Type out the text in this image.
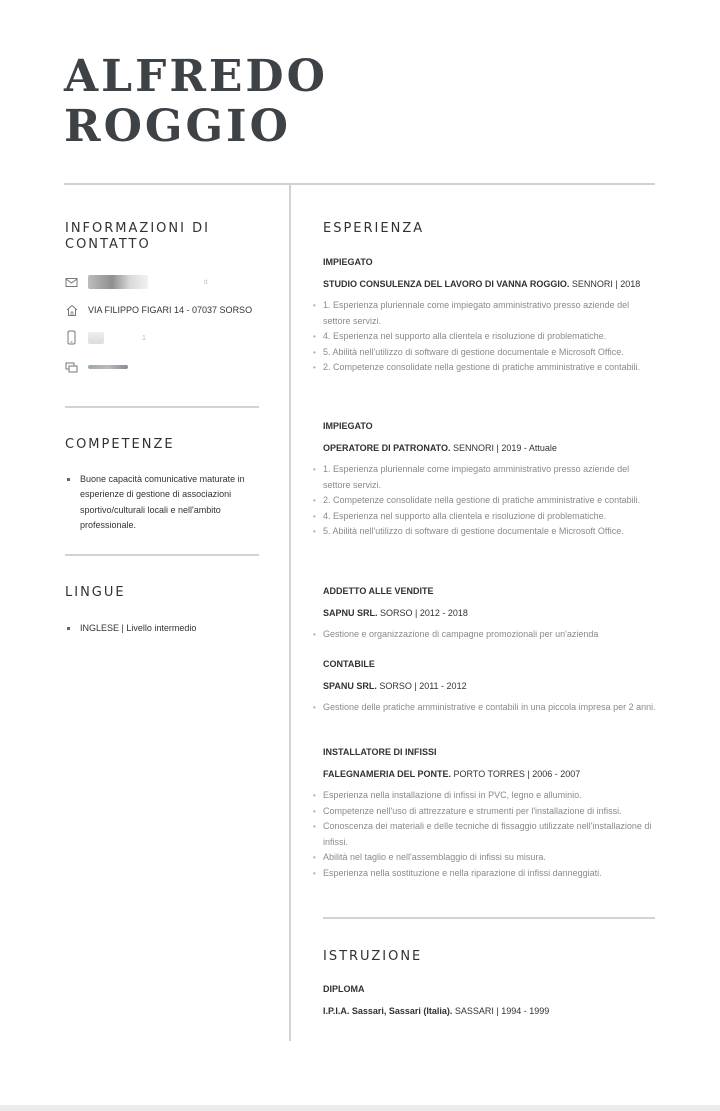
ALFREDO
ROGGIO
INFORMAZIONI DI CONTATTO
it
VIA FILIPPO FIGARI 14 - 07037 SORSO
1
COMPETENZE
Buone capacità comunicative maturate in esperienze di gestione di associazioni sportivo/culturali locali e nell'ambito professionale.
LINGUE
INGLESE | Livello intermedio
ESPERIENZA
IMPIEGATO
STUDIO CONSULENZA DEL LAVORO DI VANNA ROGGIO. SENNORI | 2018
• 1. Esperienza pluriennale come impiegato amministrativo presso aziende del settore servizi.
• 4. Esperienza nel supporto alla clientela e risoluzione di problematiche.
• 5. Abilità nell'utilizzo di software di gestione documentale e Microsoft Office.
• 2. Competenze consolidate nella gestione di pratiche amministrative e contabili.
IMPIEGATO
OPERATORE DI PATRONATO. SENNORI | 2019 - Attuale
• 1. Esperienza pluriennale come impiegato amministrativo presso aziende del settore servizi.
• 2. Competenze consolidate nella gestione di pratiche amministrative e contabili.
• 4. Esperienza nel supporto alla clientela e risoluzione di problematiche.
• 5. Abilità nell'utilizzo di software di gestione documentale e Microsoft Office.
ADDETTO ALLE VENDITE
SAPNU SRL. SORSO | 2012 - 2018
• Gestione e organizzazione di campagne promozionali per un'azienda
CONTABILE
SPANU SRL. SORSO | 2011 - 2012
• Gestione delle pratiche amministrative e contabili in una piccola impresa per 2 anni.
INSTALLATORE DI INFISSI
FALEGNAMERIA DEL PONTE. PORTO TORRES | 2006 - 2007
• Esperienza nella installazione di infissi in PVC, legno e alluminio.
• Competenze nell'uso di attrezzature e strumenti per l'installazione di infissi.
• Conoscenza dei materiali e delle tecniche di fissaggio utilizzate nell'installazione di infissi.
• Abilità nel taglio e nell'assemblaggio di infissi su misura.
• Esperienza nella sostituzione e nella riparazione di infissi danneggiati.
ISTRUZIONE
DIPLOMA
I.P.I.A. Sassari, Sassari (Italia). SASSARI | 1994 - 1999
